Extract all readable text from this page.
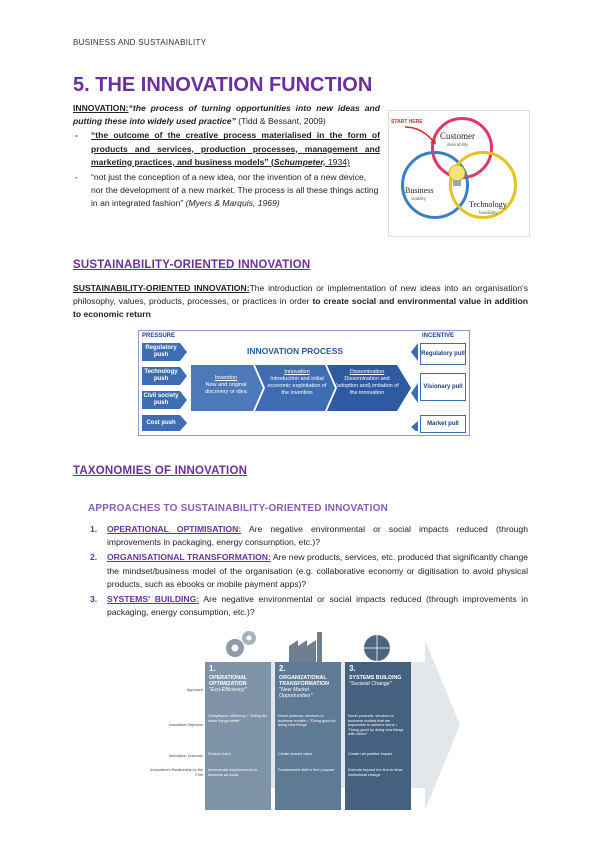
BUSINESS AND SUSTAINABILITY
5. THE INNOVATION FUNCTION
INNOVATION:“the process of turning opportunities into new ideas and putting these into widely used practice” (Tidd & Bessant, 2009)
- “the outcome of the creative process materialised in the form of products and services, production processes, management and marketing practices, and business models” (Schumpeter, 1934)
- “not just the conception of a new idea, nor the invention of a new device, nor the development of a new market. The process is all these things acting in an integrated fashion” (Myers & Marquis, 1969)
START HERE
Customer
desirability
Business
viability
Technology
feasibility
SUSTAINABILITY-ORIENTED INNOVATION
SUSTAINABILITY-ORIENTED INNOVATION:The introduction or implementation of new ideas into an organisation's philosophy, values, products, processes, or practices in order to create social and environmental value in addition to economic return
PRESSURE	INCENTIVE
INNOVATION PROCESS
Regulatory push
Technology push
Civil society push
Cost push
Invention
New and original discovery or idea
Innovation
Introduction and initial economic exploitation of the invention
Dissemination
Dissemination and (adoption and) imitation of the innovation
Regulatory pull
Visionary pull
Market pull
TAXONOMIES OF INNOVATION
APPROACHES TO SUSTAINABILITY-ORIENTED INNOVATION
1. OPERATIONAL OPTIMISATION: Are negative environmental or social impacts reduced (through improvements in packaging, energy consumption, etc.)?
2. ORGANISATIONAL TRANSFORMATION: Are new products, services, etc. produced that significantly change the mindset/business model of the organisation (e.g. collaborative economy or digitisation to avoid physical products, such as ebooks or mobile payment apps)?
3. SYSTEMS' BUILDING: Are negative environmental or social impacts reduced (through improvements in packaging, energy consumption, etc.)?
Approach
Innovation Objective
Innovation Outcome
Innovation's Relationship to the Firm
1.
OPERATIONAL OPTIMIZATION
"Eco-Efficiency"
Compliance, efficiency • "Doing the same things better"
Reduce harm
Incremental improvements to business as usual
2.
ORGANIZATIONAL TRANSFORMATION
"New Market Opportunities"
Novel products, services or business models • "Doing good by doing new things"
Create shared value
Fundamental shift in firm purpose
3.
SYSTEMS BUILDING
"Societal Change"
Novel products, services or business models that are impossible to achieve alone • "Doing good by doing new things with others"
Create net positive impact
Extends beyond the firm to drive institutional change
